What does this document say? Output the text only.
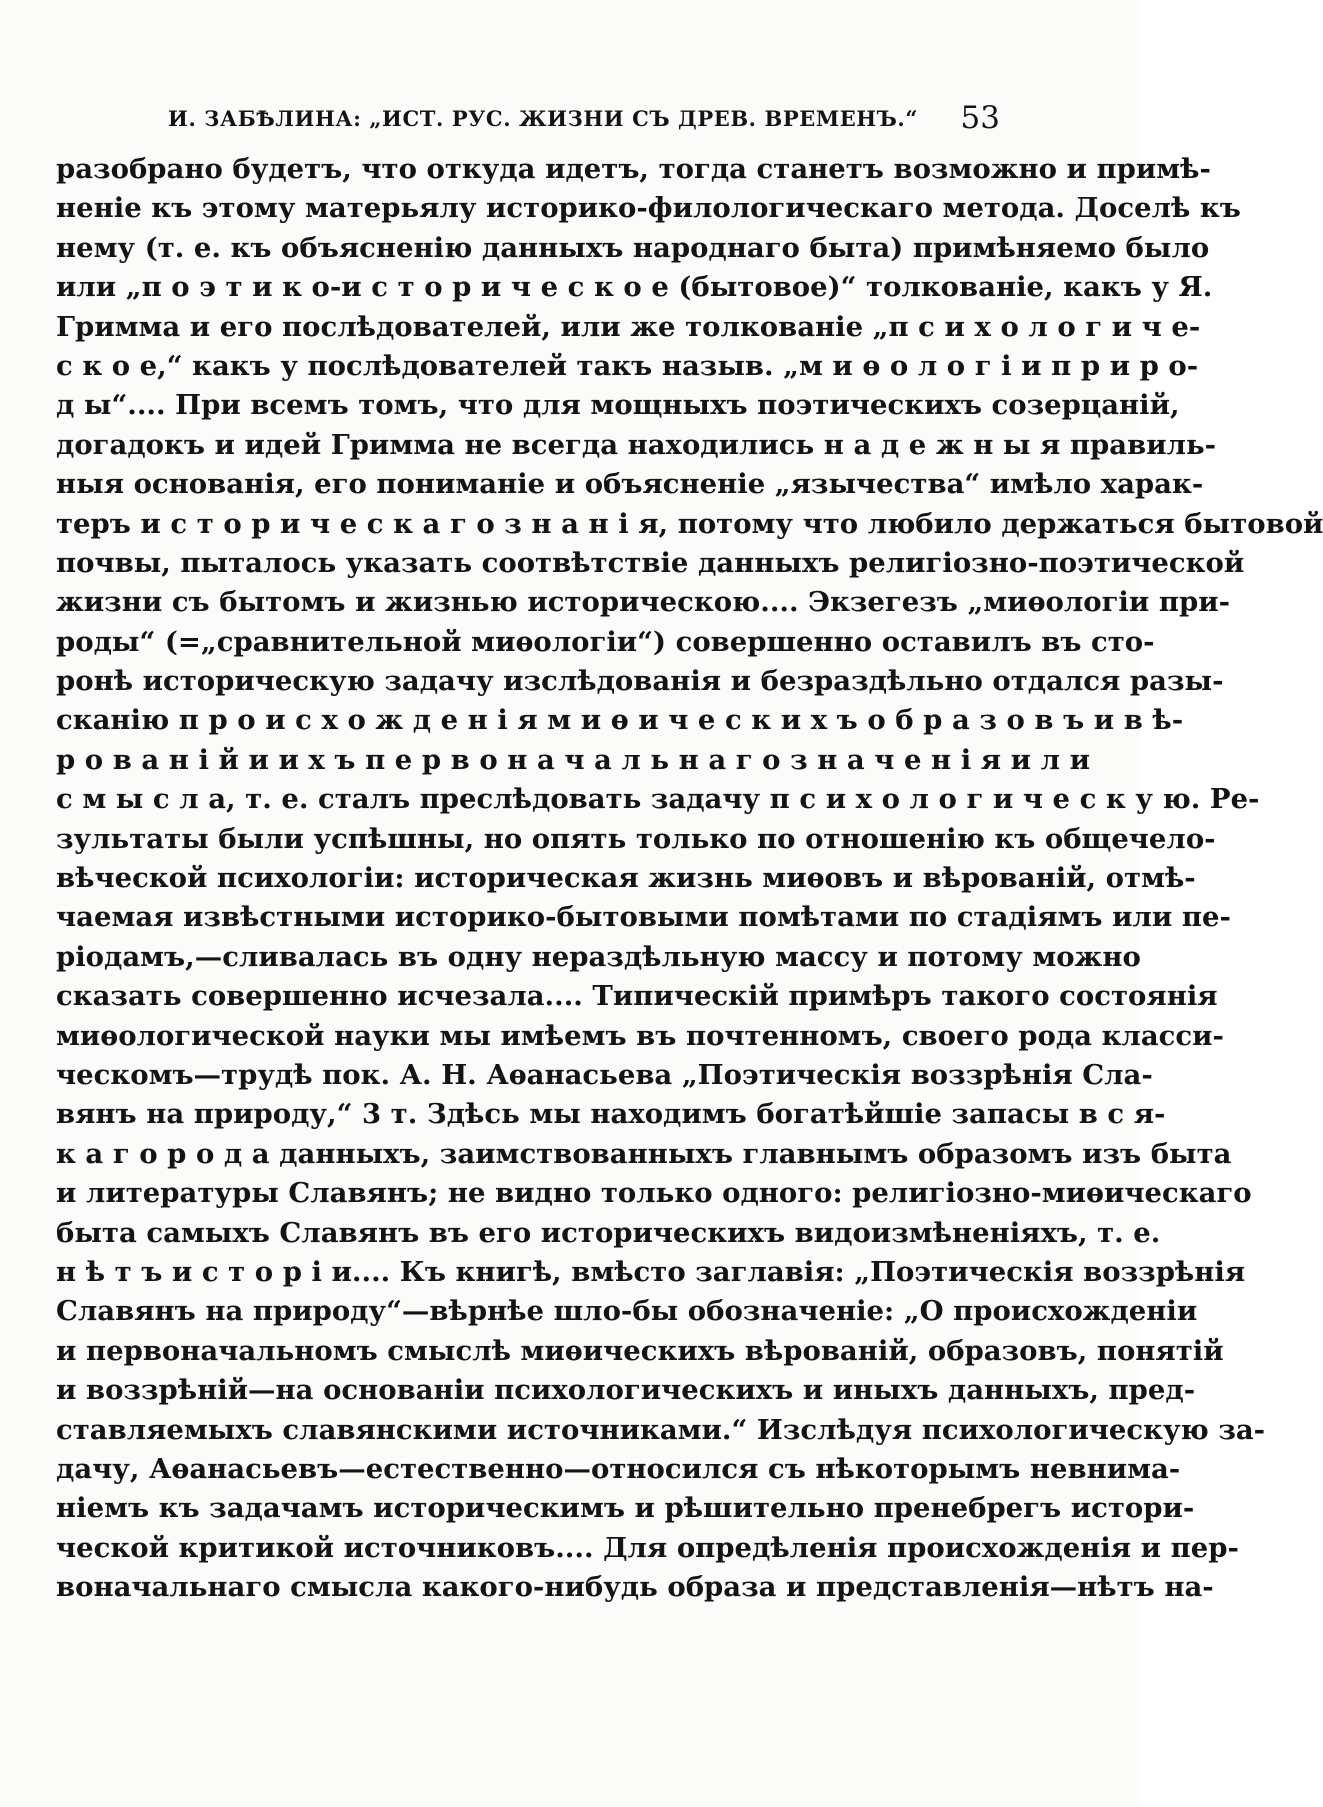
И. ЗАБѢЛИНА: „ИСТ. РУС. ЖИЗНИ СЪ ДРЕВ. ВРЕМЕНЪ.“ 53
разобрано будетъ, что откуда идетъ, тогда станетъ возможно и примѣ-
неніе къ этому матерьялу историко-филологическаго метода. Доселѣ къ
нему (т. е. къ объясненію данныхъ народнаго быта) примѣняемо было
или „п о э т и к о-и с т о р и ч е с к о е (бытовое)“ толкованіе, какъ у Я.
Гримма и его послѣдователей, или же толкованіе „п с и х о л о г и ч е-
с к о е,“ какъ у послѣдователей такъ назыв. „м и ѳ о л о г і и п р и р о-
д ы“.... При всемъ томъ, что для мощныхъ поэтическихъ созерцаній,
догадокъ и идей Гримма не всегда находились н а д е ж н ы я правиль-
ныя основанія, его пониманіе и объясненіе „язычества“ имѣло харак-
теръ и с т о р и ч е с к а г о з н а н і я, потому что любило держаться бытовой
почвы, пыталось указать соотвѣтствіе данныхъ религіозно-поэтической
жизни съ бытомъ и жизнью историческою.... Экзегезъ „миѳологіи при-
роды“ (=„сравнительной миѳологіи“) совершенно оставилъ въ сто-
ронѣ историческую задачу изслѣдованія и безраздѣльно отдался разы-
сканію п р о и с х о ж д е н і я м и ѳ и ч е с к и х ъ о б р а з о в ъ и в ѣ-
р о в а н і й и и х ъ п е р в о н а ч а л ь н а г о з н а ч е н і я и л и
с м ы с л а, т. е. сталъ преслѣдовать задачу п с и х о л о г и ч е с к у ю. Ре-
зультаты были успѣшны, но опять только по отношенію къ общечело-
вѣческой психологіи: историческая жизнь миѳовъ и вѣрованій, отмѣ-
чаемая извѣстными историко-бытовыми помѣтами по стадіямъ или пе-
ріодамъ,—сливалась въ одну нераздѣльную массу и потому можно
сказать совершенно исчезала.... Типическій примѣръ такого состоянія
миѳологической науки мы имѣемъ въ почтенномъ, своего рода класси-
ческомъ—трудѣ пок. А. Н. Аѳанасьева „Поэтическія воззрѣнія Сла-
вянъ на природу,“ 3 т. Здѣсь мы находимъ богатѣйшіе запасы в с я-
к а г о р о д а данныхъ, заимствованныхъ главнымъ образомъ изъ быта
и литературы Славянъ; не видно только одного: религіозно-миѳическаго
быта самыхъ Славянъ въ его историческихъ видоизмѣненіяхъ, т. е.
н ѣ т ъ и с т о р і и.... Къ книгѣ, вмѣсто заглавія: „Поэтическія воззрѣнія
Славянъ на природу“—вѣрнѣе шло-бы обозначеніе: „О происхожденіи
и первоначальномъ смыслѣ миѳическихъ вѣрованій, образовъ, понятій
и воззрѣній—на основаніи психологическихъ и иныхъ данныхъ, пред-
ставляемыхъ славянскими источниками.“ Изслѣдуя психологическую за-
дачу, Аѳанасьевъ—естественно—относился съ нѣкоторымъ невнима-
ніемъ къ задачамъ историческимъ и рѣшительно пренебрегъ истори-
ческой критикой источниковъ.... Для опредѣленія происхожденія и пер-
воначальнаго смысла какого-нибудь образа и представленія—нѣтъ на-
